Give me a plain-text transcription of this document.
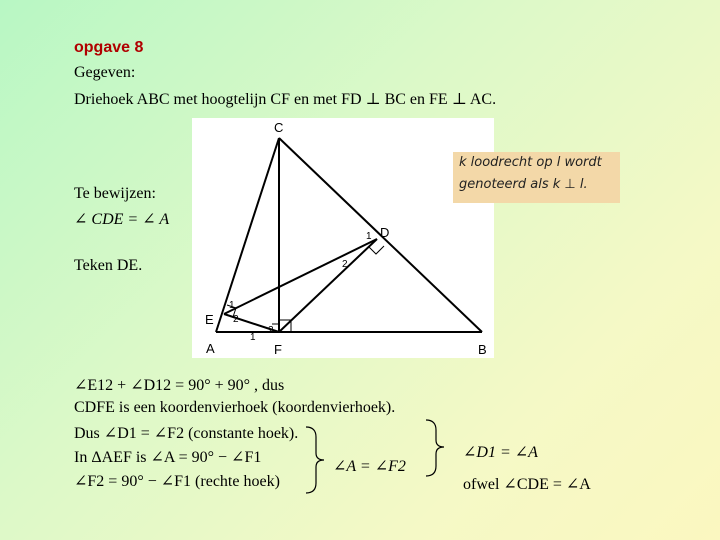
opgave 8
Gegeven:
Driehoek ABC met hoogtelijn CF en met FD ⊥ BC en FE ⊥ AC.
C
D
E
A	F	B
1
2
1
2
1
2
k loodrecht op l wordt
genoteerd als k ⊥ l.
Te bewijzen:
∠ CDE = ∠ A
Teken DE.
∠E12 + ∠D12 = 90° + 90° , dus
CDFE is een koordenvierhoek (koordenvierhoek).
Dus ∠D1 = ∠F2 (constante hoek).
In ΔAEF is ∠A = 90° − ∠F1
∠F2 = 90° − ∠F1 (rechte hoek)
∠A = ∠F2
∠D1 = ∠A
ofwel ∠CDE = ∠A
